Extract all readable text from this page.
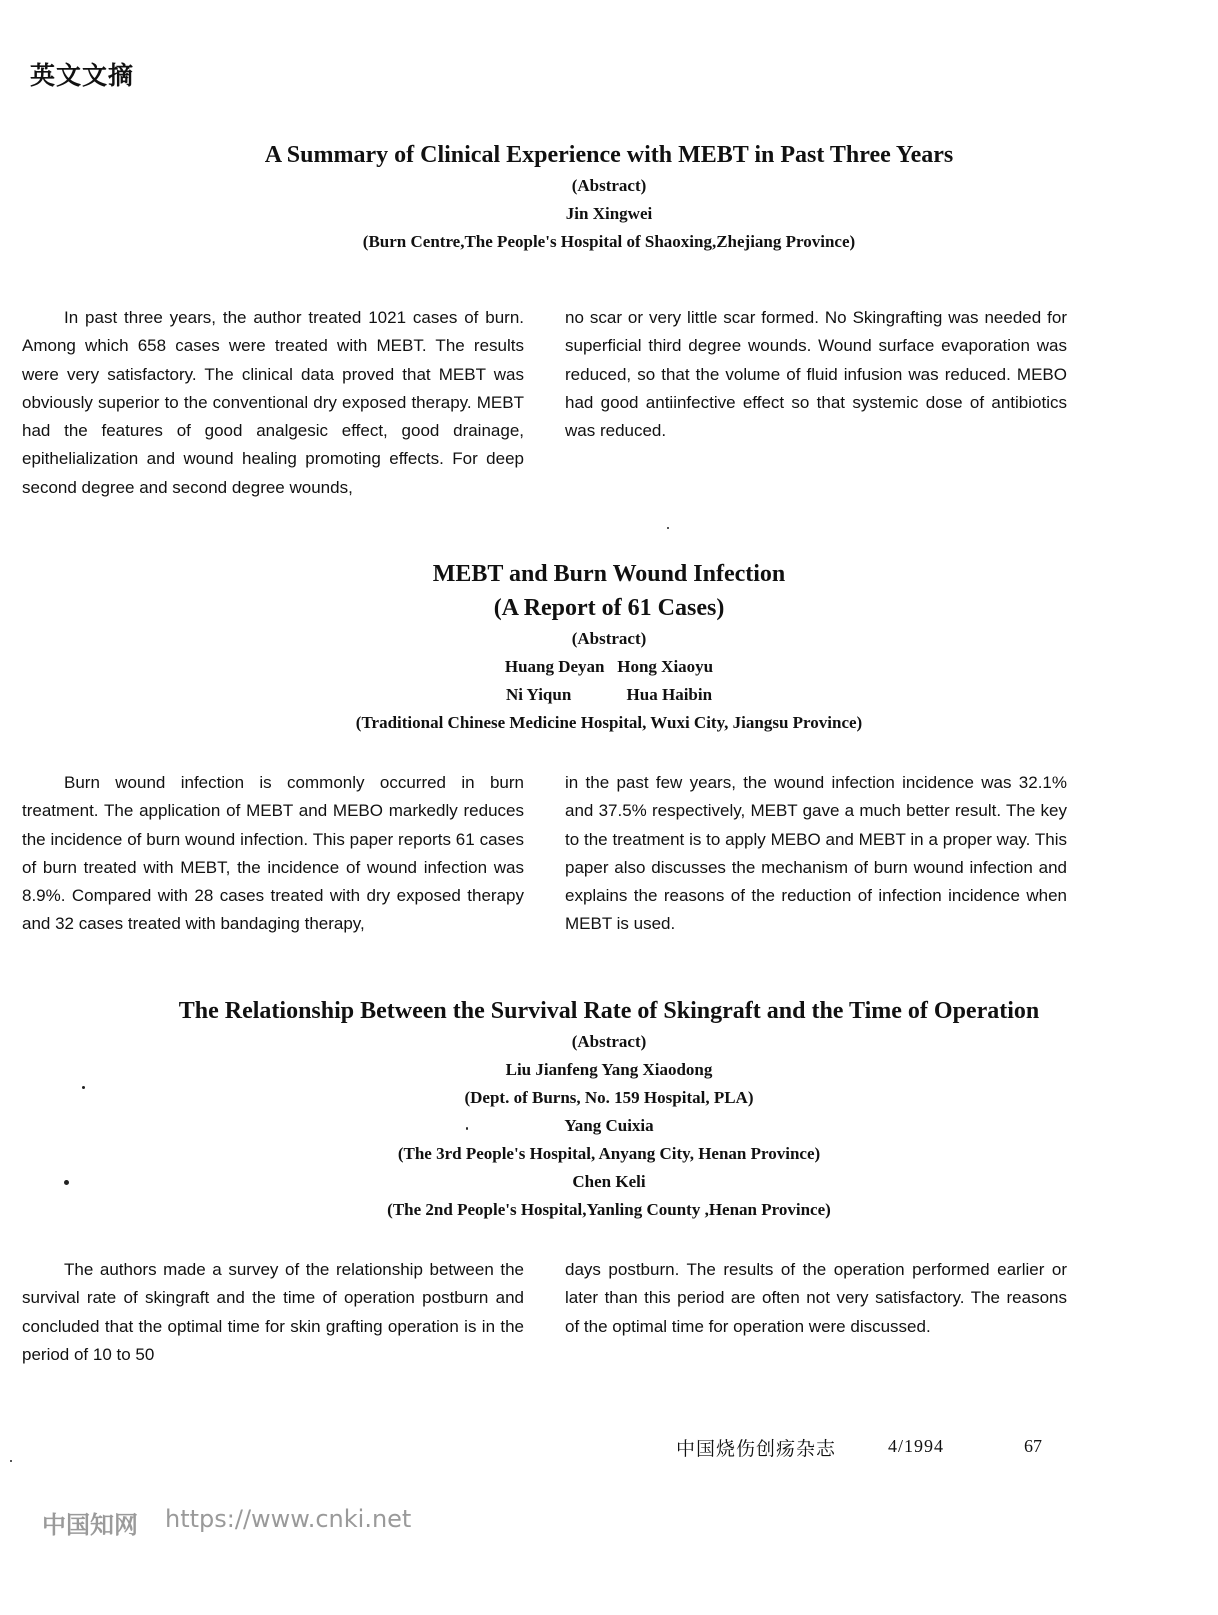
英文文摘

A Summary of Clinical Experience with MEBT in Past Three Years

(Abstract)

Jin Xingwei

(Burn Centre,The People's Hospital of Shaoxing,Zhejiang Province)

In past three years, the author treated 1021 cases of burn. Among which 658 cases were treated with MEBT. The results were very satisfactory. The clinical data proved that MEBT was obviously superior to the conventional dry exposed therapy. MEBT had the features of good analgesic effect, good drainage, epithelialization and wound healing promoting effects. For deep second degree and second degree wounds,

no scar or very little scar formed. No Skingrafting was needed for superficial third degree wounds. Wound surface evaporation was reduced, so that the volume of fluid infusion was reduced. MEBO had good antiinfective effect so that systemic dose of antibiotics was reduced.

MEBT and Burn Wound Infection

(A Report of 61 Cases)

(Abstract)

Huang Deyan   Hong Xiaoyu

Ni Yiqun             Hua Haibin

(Traditional Chinese Medicine Hospital, Wuxi City, Jiangsu Province)

Burn wound infection is commonly occurred in burn treatment. The application of MEBT and MEBO markedly reduces the incidence of burn wound infection. This paper reports 61 cases of burn treated with MEBT, the incidence of wound infection was 8.9%. Compared with 28 cases treated with dry exposed therapy and 32 cases treated with bandaging therapy,

in the past few years, the wound infection incidence was 32.1% and 37.5% respectively, MEBT gave a much better result. The key to the treatment is to apply MEBO and MEBT in a proper way. This paper also discusses the mechanism of burn wound infection and explains the reasons of the reduction of infection incidence when MEBT is used.

The Relationship Between the Survival Rate of Skingraft and the Time of Operation

(Abstract)

Liu Jianfeng Yang Xiaodong

(Dept. of Burns, No. 159 Hospital, PLA)

Yang Cuixia

(The 3rd People's Hospital, Anyang City, Henan Province)

Chen Keli

(The 2nd People's Hospital,Yanling County ,Henan Province)

The authors made a survey of the relationship between the survival rate of skingraft and the time of operation postburn and concluded that the optimal time for skin grafting operation is in the period of 10 to 50

days postburn. The results of the operation performed earlier or later than this period are often not very satisfactory. The reasons of the optimal time for operation were discussed.

中国烧伤创疡杂志	4/1994	67
中国知网 https://www.cnki.net
